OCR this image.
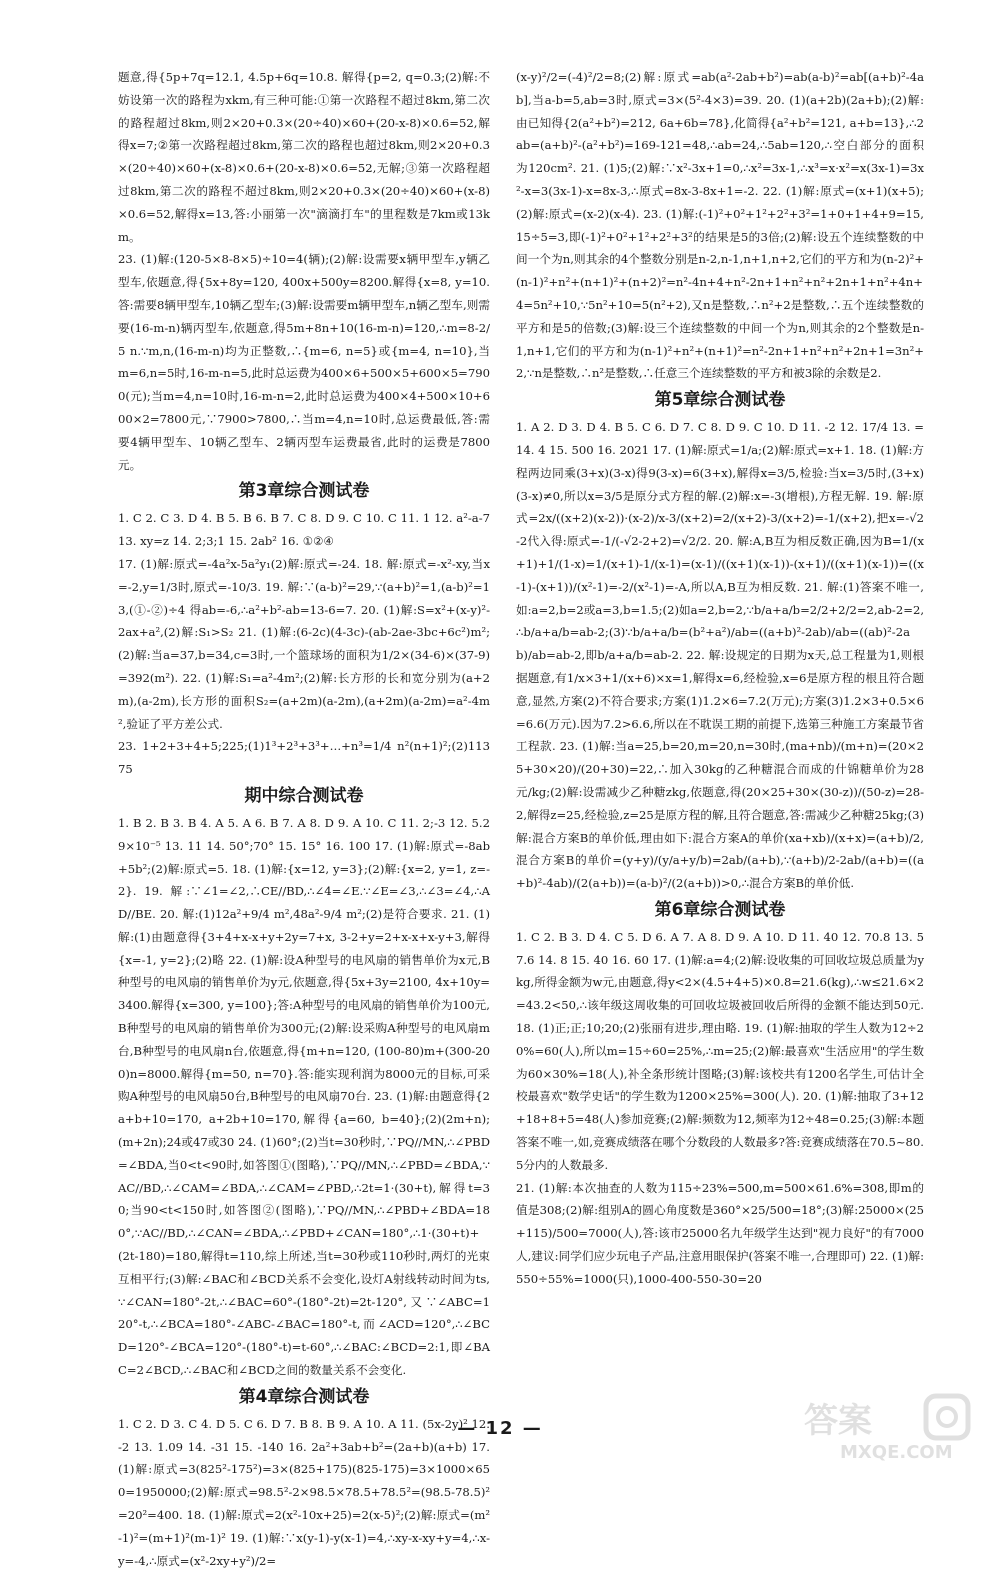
题意,得{5p+7q=12.1, 4.5p+6q=10.8. 解得{p=2, q=0.3;(2)解:不妨设第一次的路程为xkm,有三种可能:①第一次路程不超过8km,第二次的路程超过8km,则2×20+0.3×(20÷40)×60+(20-x-8)×0.6=52,解得x=7;②第一次路程超过8km,第二次的路程也超过8km,则2×20+0.3×(20÷40)×60+(x-8)×0.6+(20-x-8)×0.6=52,无解;③第一次路程超过8km,第二次的路程不超过8km,则2×20+0.3×(20÷40)×60+(x-8)×0.6=52,解得x=13,答:小丽第一次"滴滴打车"的里程数是7km或13km。

23. (1)解:(120-5×8-8×5)÷10=4(辆);(2)解:设需要x辆甲型车,y辆乙型车,依题意,得{5x+8y=120, 400x+500y=8200.解得{x=8, y=10.答:需要8辆甲型车,10辆乙型车;(3)解:设需要m辆甲型车,n辆乙型车,则需要(16-m-n)辆丙型车,依题意,得5m+8n+10(16-m-n)=120,∴m=8-2/5 n.∵m,n,(16-m-n)均为正整数,∴{m=6, n=5}或{m=4, n=10},当m=6,n=5时,16-m-n=5,此时总运费为400×6+500×5+600×5=7900(元);当m=4,n=10时,16-m-n=2,此时总运费为400×4+500×10+600×2=7800元,∵7900>7800,∴当m=4,n=10时,总运费最低,答:需要4辆甲型车、10辆乙型车、2辆丙型车运费最省,此时的运费是7800元。

第3章综合测试卷

1. C 2. C 3. D 4. B 5. B 6. B 7. C 8. D 9. C 10. C 11. 1 12. a²-a-7 13. xy=z 14. 2;3;1 15. 2ab² 16. ①②④

17. (1)解:原式=-4a²x-5a²y₁(2)解:原式=-24. 18. 解:原式=-x²-xy,当x=-2,y=1/3时,原式=-10/3. 19. 解:∵(a-b)²=29,∵(a+b)²=1,(a-b)²=13,(①-②)÷4 得ab=-6,∴a²+b²-ab=13-6=7. 20. (1)解:S=x²+(x-y)²-2ax+a²,(2)解:S₁>S₂ 21. (1)解:(6-2c)(4-3c)-(ab-2ae-3bc+6c²)m²;(2)解:当a=37,b=34,c=3时,一个篮球场的面积为1/2×(34-6)×(37-9)=392(m²). 22. (1)解:S₁=a²-4m²;(2)解:长方形的长和宽分别为(a+2m),(a-2m),长方形的面积S₂=(a+2m)(a-2m),(a+2m)(a-2m)=a²-4m²,验证了平方差公式.

23. 1+2+3+4+5;225;(1)1³+2³+3³+…+n³=1/4 n²(n+1)²;(2)11375

期中综合测试卷

1. B 2. B 3. B 4. A 5. A 6. B 7. A 8. D 9. A 10. C 11. 2;-3 12. 5.29×10⁻⁵ 13. 11 14. 50°;70° 15. 15° 16. 100 17. (1)解:原式=-8ab+5b²;(2)解:原式=5. 18. (1)解:{x=12, y=3};(2)解:{x=2, y=1, z=-2}. 19. 解:∵∠1=∠2,∴CE//BD,∴∠4=∠E.∵∠E=∠3,∴∠3=∠4,∴AD//BE. 20. 解:(1)12a²+9/4 m²,48a²-9/4 m²;(2)是符合要求. 21. (1)解:(1)由题意得{3+4+x-x+y+2y=7+x, 3-2+y=2+x-x+x-y+3,解得{x=-1, y=2};(2)略 22. (1)解:设A种型号的电风扇的销售单价为x元,B种型号的电风扇的销售单价为y元,依题意,得{5x+3y=2100, 4x+10y=3400.解得{x=300, y=100};答:A种型号的电风扇的销售单价为100元,B种型号的电风扇的销售单价为300元;(2)解:设采购A种型号的电风扇m台,B种型号的电风扇n台,依题意,得{m+n=120, (100-80)m+(300-200)n=8000.解得{m=50, n=70}.答:能实现利润为8000元的目标,可采购A种型号的电风扇50台,B种型号的电风扇70台. 23. (1)解:由题意得{2a+b+10=170, a+2b+10=170,解得{a=60, b=40};(2)(2m+n);(m+2n);24或47或30 24. (1)60°;(2)当t=30秒时,∵PQ//MN,∴∠PBD=∠BDA,当0<t<90时,如答图①(图略),∵PQ//MN,∴∠PBD=∠BDA,∵AC//BD,∴∠CAM=∠BDA,∴∠CAM=∠PBD,∴2t=1·(30+t),解得t=30;当90<t<150时,如答图②(图略),∵PQ//MN,∴∠PBD+∠BDA=180°,∵AC//BD,∴∠CAN=∠BDA,∴∠PBD+∠CAN=180°,∴1·(30+t)+(2t-180)=180,解得t=110,综上所述,当t=30秒或110秒时,两灯的光束互相平行;(3)解:∠BAC和∠BCD关系不会变化,设灯A射线转动时间为ts,∵∠CAN=180°-2t,∴∠BAC=60°-(180°-2t)=2t-120°,又∵∠ABC=120°-t,∴∠BCA=180°-∠ABC-∠BAC=180°-t,而∠ACD=120°,∴∠BCD=120°-∠BCA=120°-(180°-t)=t-60°,∴∠BAC:∠BCD=2:1,即∠BAC=2∠BCD,∴∠BAC和∠BCD之间的数量关系不会变化.

第4章综合测试卷

1. C 2. D 3. C 4. D 5. C 6. D 7. B 8. B 9. A 10. A 11. (5x-2y)² 12. -2 13. 1.09 14. -31 15. -140 16. 2a²+3ab+b²=(2a+b)(a+b) 17. (1)解:原式=3(825²-175²)=3×(825+175)(825-175)=3×1000×650=1950000;(2)解:原式=98.5²-2×98.5×78.5+78.5²=(98.5-78.5)²=20²=400. 18. (1)解:原式=2(x²-10x+25)=2(x-5)²;(2)解:原式=(m²-1)²=(m+1)²(m-1)² 19. (1)解:∵x(y-1)-y(x-1)=4,∴xy-x-xy+y=4,∴x-y=-4,∴原式=(x²-2xy+y²)/2=

(x-y)²/2=(-4)²/2=8;(2)解:原式=ab(a²-2ab+b²)=ab(a-b)²=ab[(a+b)²-4ab],当a-b=5,ab=3时,原式=3×(5²-4×3)=39. 20. (1)(a+2b)(2a+b);(2)解:由已知得{2(a²+b²)=212, 6a+6b=78},化简得{a²+b²=121, a+b=13},∴2ab=(a+b)²-(a²+b²)=169-121=48,∴ab=24,∴5ab=120,∴空白部分的面积为120cm². 21. (1)5;(2)解:∵x²-3x+1=0,∴x²=3x-1,∴x³=x·x²=x(3x-1)=3x²-x=3(3x-1)-x=8x-3,∴原式=8x-3-8x+1=-2. 22. (1)解:原式=(x+1)(x+5);(2)解:原式=(x-2)(x-4). 23. (1)解:(-1)²+0²+1²+2²+3²=1+0+1+4+9=15,15÷5=3,即(-1)²+0²+1²+2²+3²的结果是5的3倍;(2)解:设五个连续整数的中间一个为n,则其余的4个整数分别是n-2,n-1,n+1,n+2,它们的平方和为(n-2)²+(n-1)²+n²+(n+1)²+(n+2)²=n²-4n+4+n²-2n+1+n²+n²+2n+1+n²+4n+4=5n²+10,∵5n²+10=5(n²+2),又n是整数,∴n²+2是整数,∴五个连续整数的平方和是5的倍数;(3)解:设三个连续整数的中间一个为n,则其余的2个整数是n-1,n+1,它们的平方和为(n-1)²+n²+(n+1)²=n²-2n+1+n²+n²+2n+1=3n²+2,∵n是整数,∴n²是整数,∴任意三个连续整数的平方和被3除的余数是2.

第5章综合测试卷

1. A 2. D 3. D 4. B 5. C 6. D 7. C 8. D 9. C 10. D 11. -2 12. 17/4 13. = 14. 4 15. 500 16. 2021 17. (1)解:原式=1/a;(2)解:原式=x+1. 18. (1)解:方程两边同乘(3+x)(3-x)得9(3-x)=6(3+x),解得x=3/5,检验:当x=3/5时,(3+x)(3-x)≠0,所以x=3/5是原分式方程的解.(2)解:x=-3(增根),方程无解. 19. 解:原式=2x/((x+2)(x-2))·(x-2)/x-3/(x+2)=2/(x+2)-3/(x+2)=-1/(x+2),把x=-√2-2代入得:原式=-1/(-√2-2+2)=√2/2. 20. 解:A,B互为相反数正确,因为B=1/(x+1)+1/(1-x)=1/(x+1)-1/(x-1)=(x-1)/((x+1)(x-1))-(x+1)/((x+1)(x-1))=((x-1)-(x+1))/(x²-1)=-2/(x²-1)=-A,所以A,B互为相反数. 21. 解:(1)答案不唯一,如:a=2,b=2或a=3,b=1.5;(2)如a=2,b=2,∵b/a+a/b=2/2+2/2=2,ab-2=2,∴b/a+a/b=ab-2;(3)∵b/a+a/b=(b²+a²)/ab=((a+b)²-2ab)/ab=((ab)²-2ab)/ab=ab-2,即b/a+a/b=ab-2. 22. 解:设规定的日期为x天,总工程量为1,则根据题意,有1/x×3+1/(x+6)×x=1,解得x=6,经检验,x=6是原方程的根且符合题意,显然,方案(2)不符合要求;方案(1)1.2×6=7.2(万元);方案(3)1.2×3+0.5×6=6.6(万元).因为7.2>6.6,所以在不耽误工期的前提下,选第三种施工方案最节省工程款. 23. (1)解:当a=25,b=20,m=20,n=30时,(ma+nb)/(m+n)=(20×25+30×20)/(20+30)=22,∴加入30kg的乙种糖混合而成的什锦糖单价为28元/kg;(2)解:设需减少乙种糖zkg,依题意,得(20×25+30×(30-z))/(50-z)=28-2,解得z=25,经检验,z=25是原方程的解,且符合题意,答:需减少乙种糖25kg;(3)解:混合方案B的单价低,理由如下:混合方案A的单价(xa+xb)/(x+x)=(a+b)/2,混合方案B的单价=(y+y)/(y/a+y/b)=2ab/(a+b),∵(a+b)/2-2ab/(a+b)=((a+b)²-4ab)/(2(a+b))=(a-b)²/(2(a+b))>0,∴混合方案B的单价低.

第6章综合测试卷

1. C 2. B 3. D 4. C 5. D 6. A 7. A 8. D 9. A 10. D 11. 40 12. 70.8 13. 57.6 14. 8 15. 40 16. 60 17. (1)解:a=4;(2)解:设收集的可回收垃圾总质量为ykg,所得金额为w元,由题意,得y<2×(4.5+4+5)×0.8=21.6(kg),∴w≤21.6×2=43.2<50,∴该年级这周收集的可回收垃圾被回收后所得的金额不能达到50元. 18. (1)正;正;10;20;(2)张丽有进步,理由略. 19. (1)解:抽取的学生人数为12÷20%=60(人),所以m=15÷60=25%,∴m=25;(2)解:最喜欢"生活应用"的学生数为60×30%=18(人),补全条形统计图略;(3)解:该校共有1200名学生,可估计全校最喜欢"数学史话"的学生数为1200×25%=300(人). 20. (1)解:抽取了3+12+18+8+5=48(人)参加竞赛;(2)解:频数为12,频率为12÷48=0.25;(3)解:本题答案不唯一,如,竞赛成绩落在哪个分数段的人数最多?答:竞赛成绩落在70.5~80.5分内的人数最多.

21. (1)解:本次抽查的人数为115÷23%=500,m=500×61.6%=308,即m的值是308;(2)解:组别A的圆心角度数是360°×25/500=18°;(3)解:25000×(25+115)/500=7000(人),答:该市25000名九年级学生达到"视力良好"的有7000人,建议:同学们应少玩电子产品,注意用眼保护(答案不唯一,合理即可) 22. (1)解:550÷55%=1000(只),1000-400-550-30=20

— 12 —	答案
MXQE.COM
